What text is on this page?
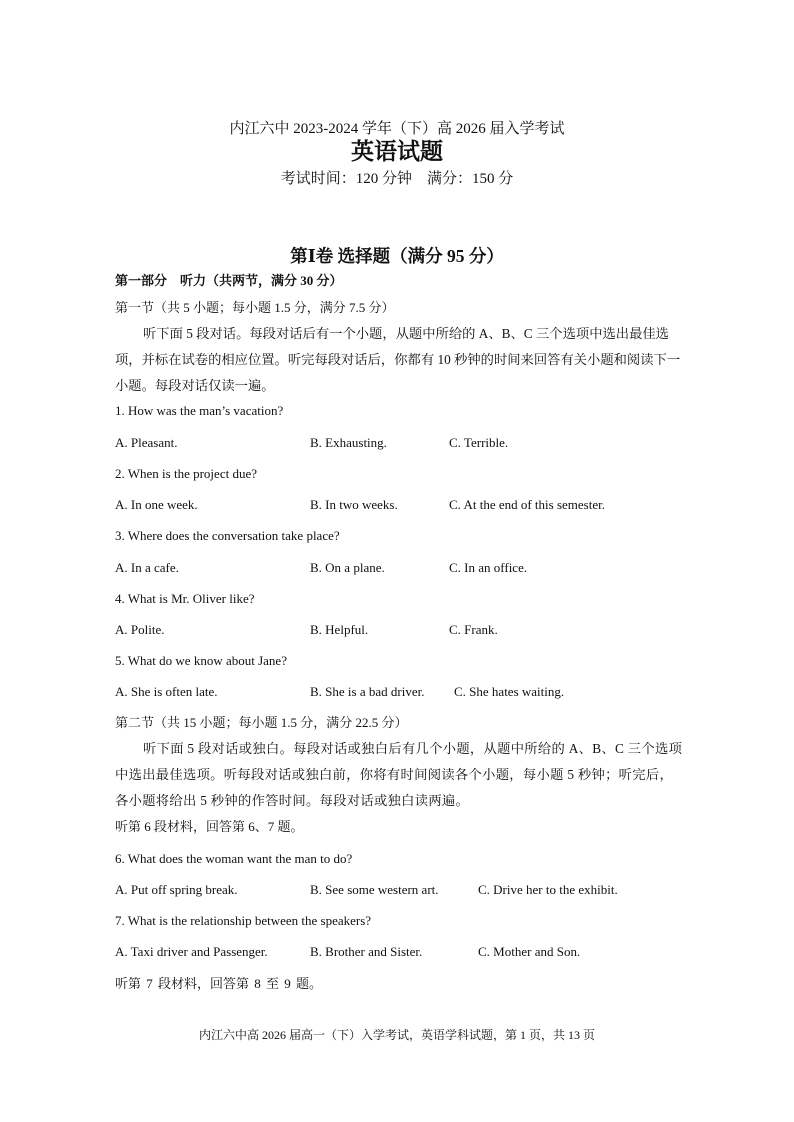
内江六中 2023-2024 学年（下）高 2026 届入学考试
英语试题
考试时间：120 分钟　满分：150 分
第Ⅰ卷 选择题（满分 95 分）
第一部分　听力（共两节，满分 30 分）
第一节（共 5 小题；每小题 1.5 分，满分 7.5 分）
听下面 5 段对话。每段对话后有一个小题，从题中所给的 A、B、C 三个选项中选出最佳选项，并标在试卷的相应位置。听完每段对话后，你都有 10 秒钟的时间来回答有关小题和阅读下一小题。每段对话仅读一遍。
1. How was the man’s vacation?
A. Pleasant.	B. Exhausting.	C. Terrible.
2. When is the project due?
A. In one week.	B. In two weeks.	C. At the end of this semester.
3. Where does the conversation take place?
A. In a cafe.	B. On a plane.	C. In an office.
4. What is Mr. Oliver like?
A. Polite.	B. Helpful.	C. Frank.
5. What do we know about Jane?
A. She is often late.	B. She is a bad driver. C. She hates waiting.
第二节（共 15 小题；每小题 1.5 分，满分 22.5 分）
听下面 5 段对话或独白。每段对话或独白后有几个小题，从题中所给的 A、B、C 三个选项中选出最佳选项。听每段对话或独白前，你将有时间阅读各个小题，每小题 5 秒钟；听完后，各小题将给出 5 秒钟的作答时间。每段对话或独白读两遍。
听第 6 段材料，回答第 6、7 题。
6. What does the woman want the man to do?
A. Put off spring break.	B. See some western art.	C. Drive her to the exhibit.
7. What is the relationship between the speakers?
A. Taxi driver and Passenger.	B. Brother and Sister.	C. Mother and Son.
听第 7 段材料，回答第 8 至 9 题。
内江六中高 2026 届高一（下）入学考试，英语学科试题，第 1 页，共 13 页
